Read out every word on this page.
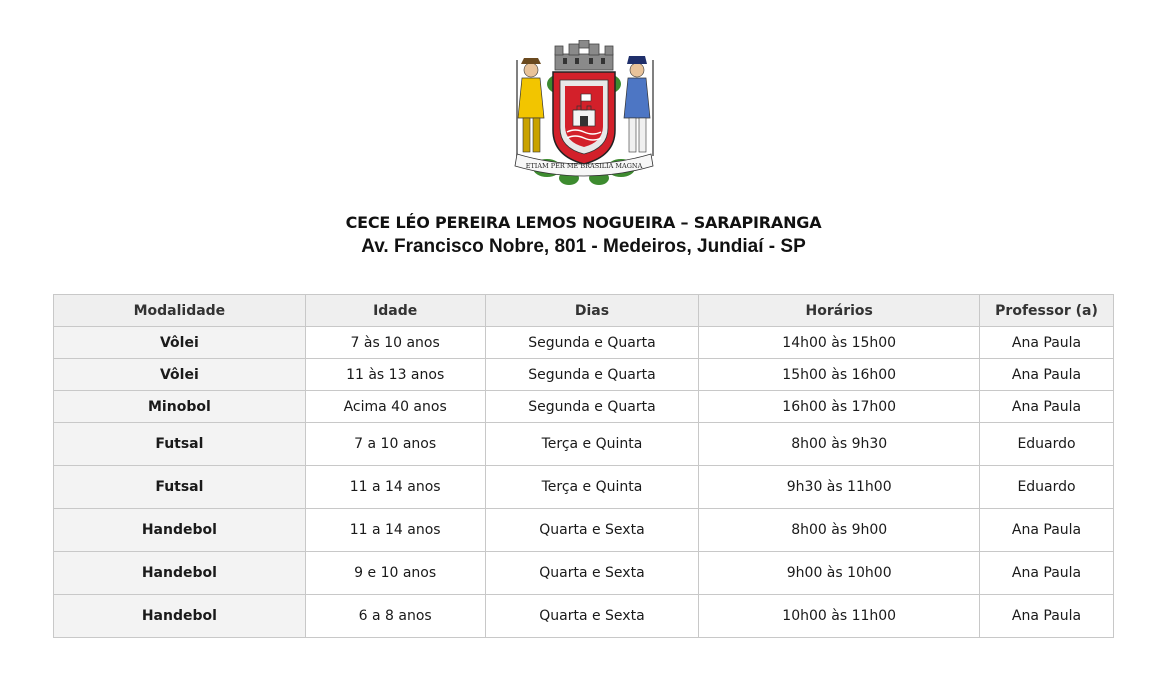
ETIAM PER ME BRASILIA MAGNA
CECE LÉO PEREIRA LEMOS NOGUEIRA – SARAPIRANGA
Av. Francisco Nobre, 801 - Medeiros, Jundiaí - SP
Modalidade	Idade	Dias	Horários	Professor (a)
Vôlei	7 às 10 anos	Segunda e Quarta	14h00 às 15h00	Ana Paula
Vôlei	11 às 13 anos	Segunda e Quarta	15h00 às 16h00	Ana Paula
Minobol	Acima 40 anos	Segunda e Quarta	16h00 às 17h00	Ana Paula
Futsal	7 a 10 anos	Terça e Quinta	8h00 às 9h30	Eduardo
Futsal	11 a 14 anos	Terça e Quinta	9h30 às 11h00	Eduardo
Handebol	11 a 14 anos	Quarta e Sexta	8h00 às 9h00	Ana Paula
Handebol	9 e 10 anos	Quarta e Sexta	9h00 às 10h00	Ana Paula
Handebol	6 a 8 anos	Quarta e Sexta	10h00 às 11h00	Ana Paula
